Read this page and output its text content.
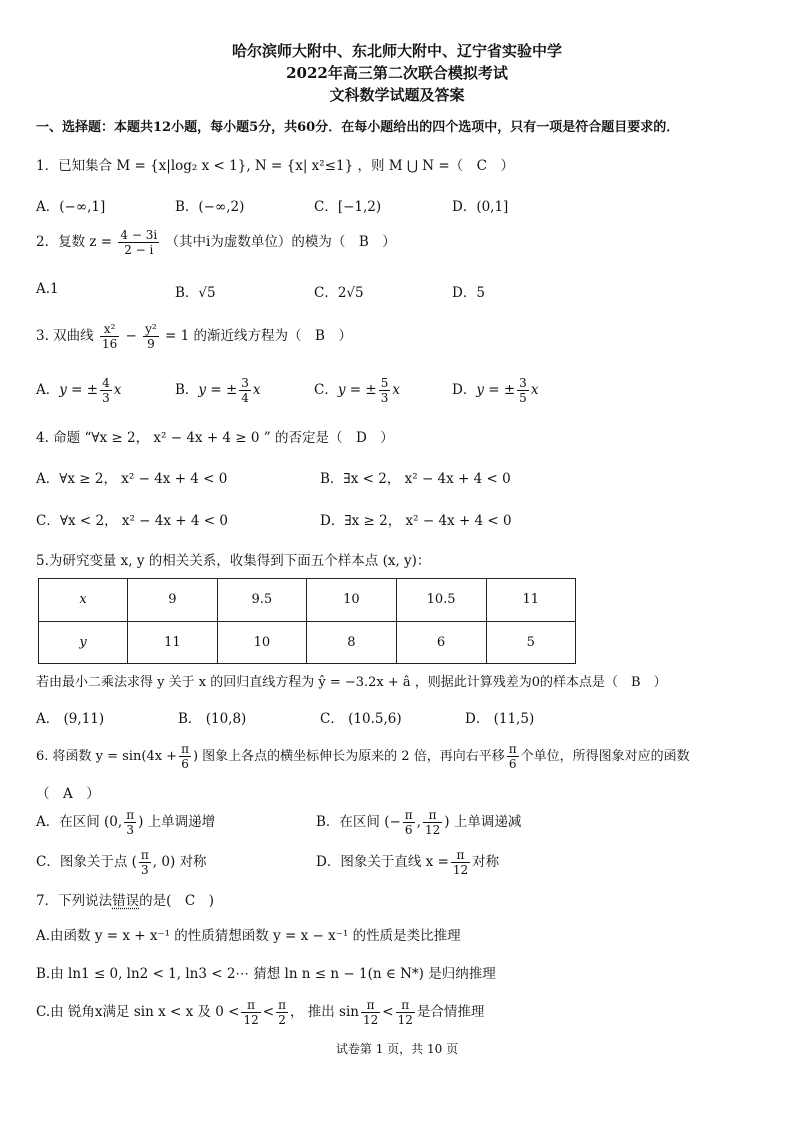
哈尔滨师大附中、东北师大附中、辽宁省实验中学
2022年高三第二次联合模拟考试
文科数学试题及答案
一、选择题：本题共12小题，每小题5分，共60分．在每小题给出的四个选项中，只有一项是符合题目要求的．
1．已知集合 M = {x|log₂ x < 1}, N = {x| x²≤1} ，则 M ⋃ N =（　C　）
A．(−∞,1]	B．(−∞,2)	C．[−1,2)	D．(0,1]
2．复数 $z = \frac{4 - 3i}{2 - i}$ （其中i为虚数单位）的模为（　B　）
A.1	B．√5	C．2√5	D．5
3. 双曲线 $\frac{\text{x²}}{16} - \frac{\text{y²}}{9} = 1$ 的渐近线方程为（　B　）
A．y = ± $\frac{4}{3}$ x	B．y = ± $\frac{3}{4}$ x	C．y = ± $\frac{5}{3}$ x	D．y = ± $\frac{3}{5}$ x
4. 命题 “∀x ≥ 2， x² − 4x + 4 ≥ 0 ” 的否定是（　D　）
A．∀x ≥ 2， x² − 4x + 4 < 0	B．∃x < 2， x² − 4x + 4 < 0
C．∀x < 2， x² − 4x + 4 < 0	D．∃x ≥ 2， x² − 4x + 4 < 0
5.为研究变量 x, y 的相关关系，收集得到下面五个样本点 (x, y)：
x	9	9.5	10	10.5	11
y	11	10	8	6	5
若由最小二乘法求得 y 关于 x 的回归直线方程为 ŷ = −3.2x + â ，则据此计算残差为0的样本点是（　B　）
A． (9,11)	B． (10,8)	C． (10.5,6)	D． (11,5)
6. 将函数 $y = \sin(4x + \frac{\pi}{6}$ ) 图象上各点的横坐标伸长为原来的 2 倍，再向右平移 $\frac{\pi}{6}$ 个单位，所得图象对应的函数
（　A　）
A．在区间 (0, $\frac{\pi}{3}$ ) 上单调递增	B．在区间 (− $\frac{\pi}{6}$ , $\frac{\pi}{12}$ ) 上单调递减
C．图象关于点 ( $\frac{\pi}{3}$ , 0) 对称	D．图象关于直线 $x = \frac{\pi}{12}$ 对称
7．下列说法错误的是(　C　)
A.由函数 y = x + x⁻¹ 的性质猜想函数 y = x − x⁻¹ 的性质是类比推理
B.由 ln1 ≤ 0, ln2 < 1, ln3 < 2⋯ 猜想 ln n ≤ n − 1(n ∈ N*) 是归纳推理
C.由 锐角x满足 sin x < x 及 $0 < \frac{\pi}{12} < \frac{\pi}{2}$ ， 推出 $\sin \frac{\pi}{12} < \frac{\pi}{12}$ 是合情推理
试卷第 1 页，共 10 页
